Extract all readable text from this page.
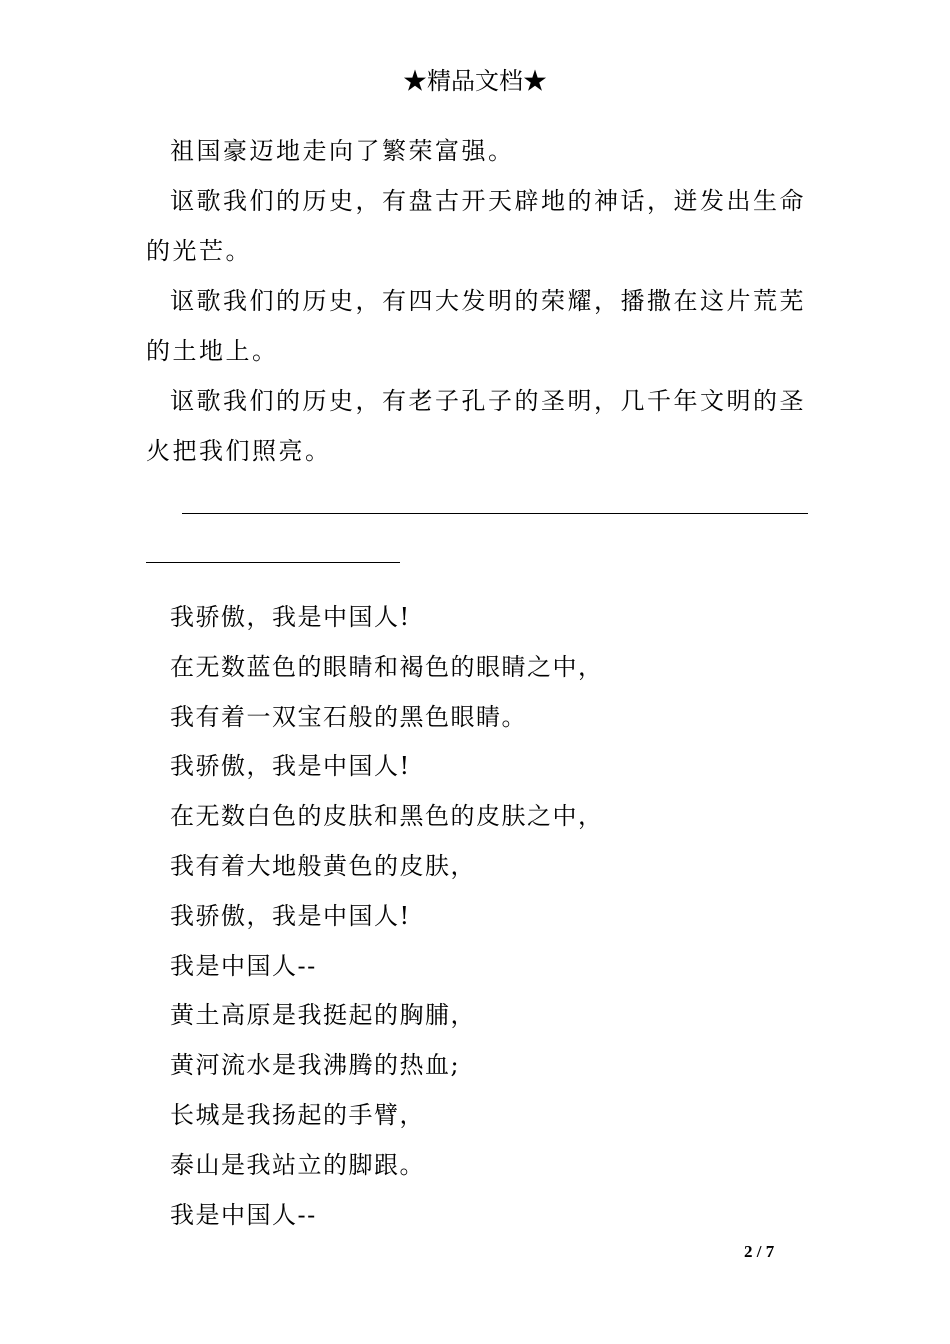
★精品文档★

祖国豪迈地走向了繁荣富强。

讴歌我们的历史，有盘古开天辟地的神话，迸发出生命的光芒。

讴歌我们的历史，有四大发明的荣耀，播撒在这片荒芜的土地上。

讴歌我们的历史，有老子孔子的圣明，几千年文明的圣火把我们照亮。

我骄傲，我是中国人!

在无数蓝色的眼睛和褐色的眼睛之中，

我有着一双宝石般的黑色眼睛。

我骄傲，我是中国人!

在无数白色的皮肤和黑色的皮肤之中，

我有着大地般黄色的皮肤，

我骄傲，我是中国人!

我是中国人--

黄土高原是我挺起的胸脯，

黄河流水是我沸腾的热血;

长城是我扬起的手臂，

泰山是我站立的脚跟。

我是中国人--

2 / 7
